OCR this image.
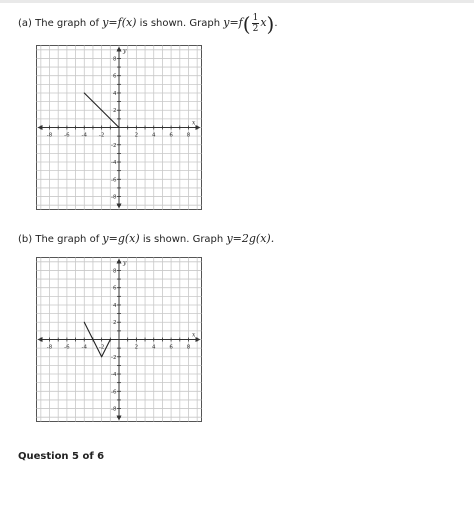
(a) The graph of y=f(x) is shown. Graph $y=f( \frac{1}{2} x)$.
-8 -6 -4 -2	2	4	6	8
8
6
4
2
-2
-4
-6
-8
x
y
(b) The graph of y=g(x) is shown. Graph y=2g(x).
-8 -6 -4 -2	2	4	6	8
8
6
4
2
-2
-4
-6
-8
x
y
Question 5 of 6
